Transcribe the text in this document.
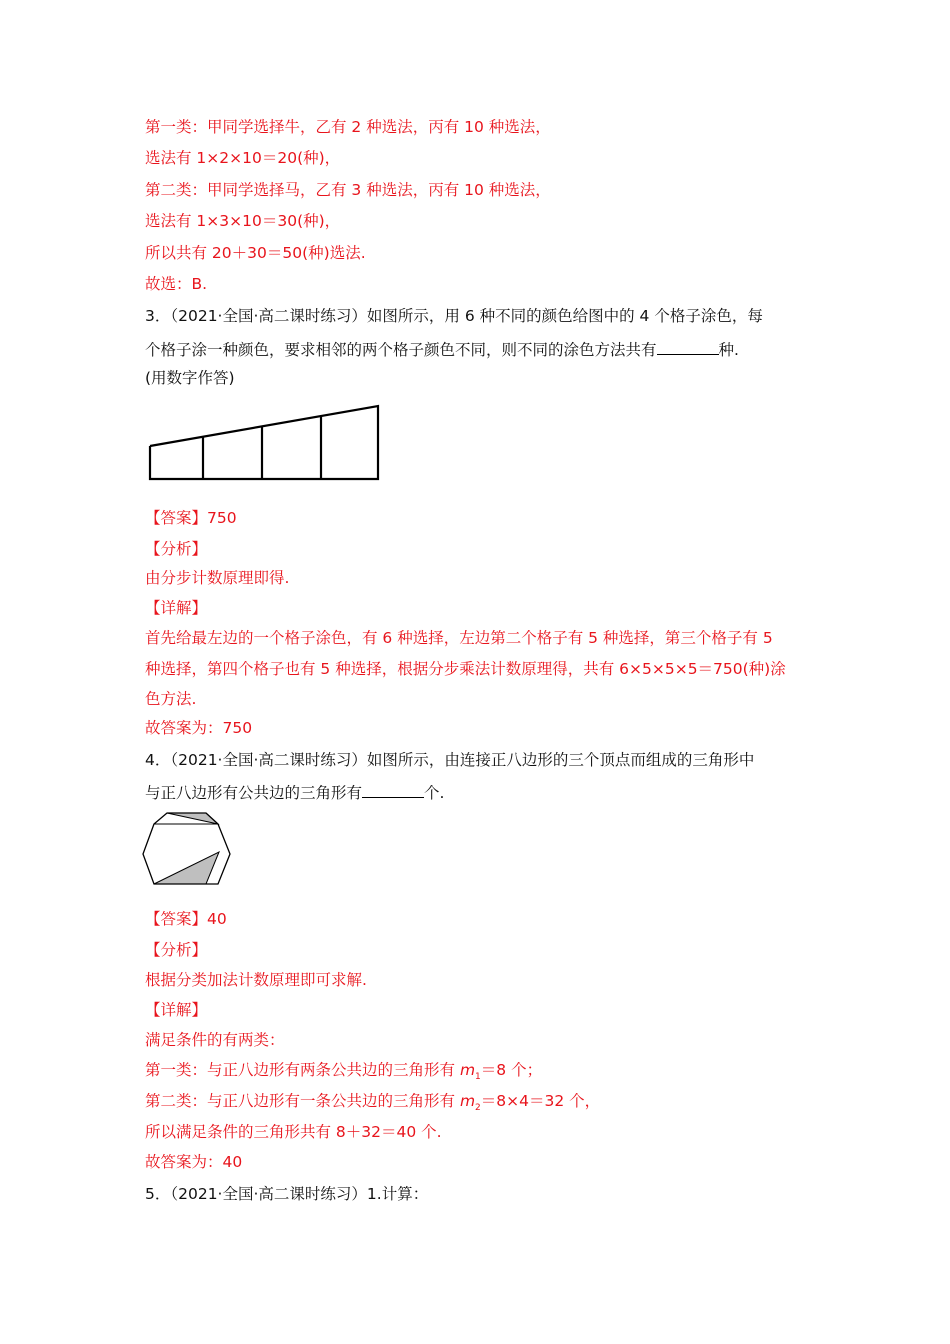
第一类：甲同学选择牛，乙有 2 种选法，丙有 10 种选法，
选法有 1×2×10＝20(种)，
第二类：甲同学选择马，乙有 3 种选法，丙有 10 种选法，
选法有 1×3×10＝30(种)，
所以共有 20＋30＝50(种)选法.
故选：B.
3．（2021·全国·高二课时练习）如图所示，用 6 种不同的颜色给图中的 4 个格子涂色，每
个格子涂一种颜色，要求相邻的两个格子颜色不同，则不同的涂色方法共有	种.
(用数字作答)
【答案】750
【分析】
由分步计数原理即得.
【详解】
首先给最左边的一个格子涂色，有 6 种选择，左边第二个格子有 5 种选择，第三个格子有 5
种选择，第四个格子也有 5 种选择，根据分步乘法计数原理得，共有 6×5×5×5＝750(种)涂
色方法.
故答案为：750
4．（2021·全国·高二课时练习）如图所示，由连接正八边形的三个顶点而组成的三角形中
与正八边形有公共边的三角形有	个.
【答案】40
【分析】
根据分类加法计数原理即可求解.
【详解】
满足条件的有两类：
第一类：与正八边形有两条公共边的三角形有 $m_1=8$ 个；
第二类：与正八边形有一条公共边的三角形有 $m_2=8\times 4=32$ 个，
所以满足条件的三角形共有 8＋32＝40 个.
故答案为：40
5．（2021·全国·高二课时练习）1.计算：
